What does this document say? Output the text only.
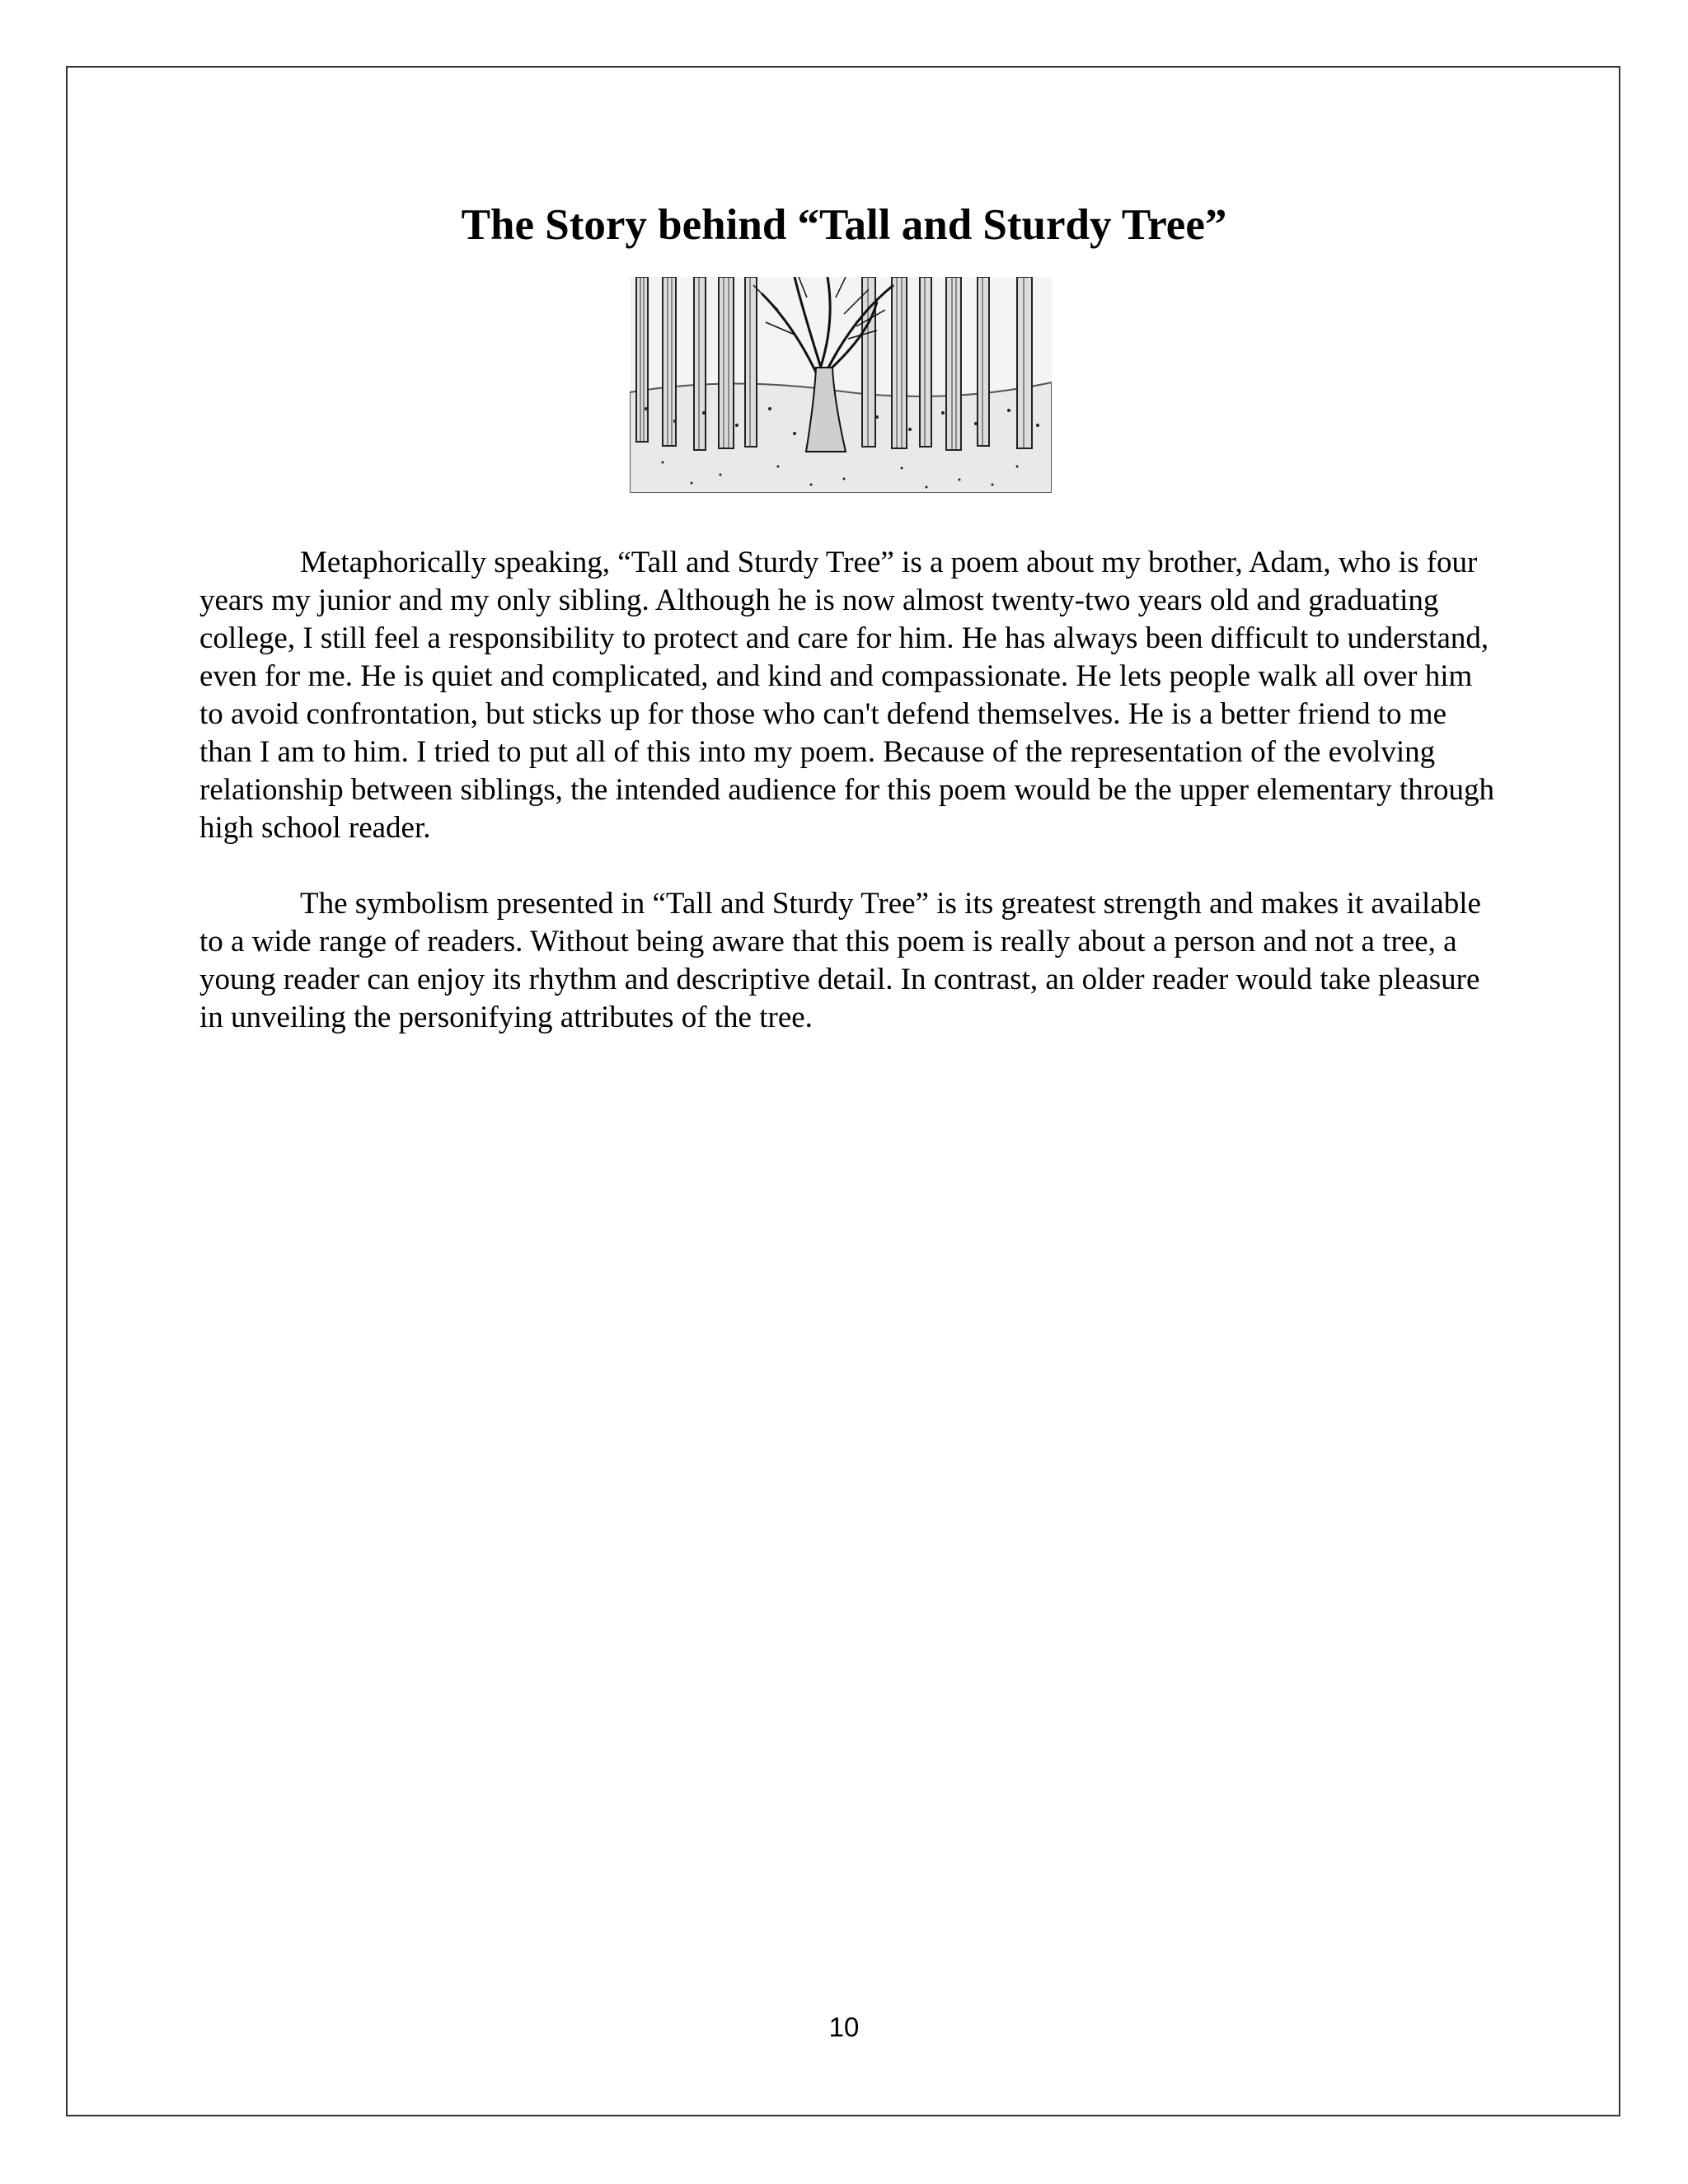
The Story behind “Tall and Sturdy Tree”

Metaphorically speaking, “Tall and Sturdy Tree” is a poem about my brother, Adam, who is four years my junior and my only sibling. Although he is now almost twenty-two years old and graduating college, I still feel a responsibility to protect and care for him. He has always been difficult to understand, even for me. He is quiet and complicated, and kind and compassionate. He lets people walk all over him to avoid confrontation, but sticks up for those who can't defend themselves. He is a better friend to me than I am to him. I tried to put all of this into my poem. Because of the representation of the evolving relationship between siblings, the intended audience for this poem would be the upper elementary through high school reader.

The symbolism presented in “Tall and Sturdy Tree” is its greatest strength and makes it available to a wide range of readers. Without being aware that this poem is really about a person and not a tree, a young reader can enjoy its rhythm and descriptive detail. In contrast, an older reader would take pleasure in unveiling the personifying attributes of the tree.

10
